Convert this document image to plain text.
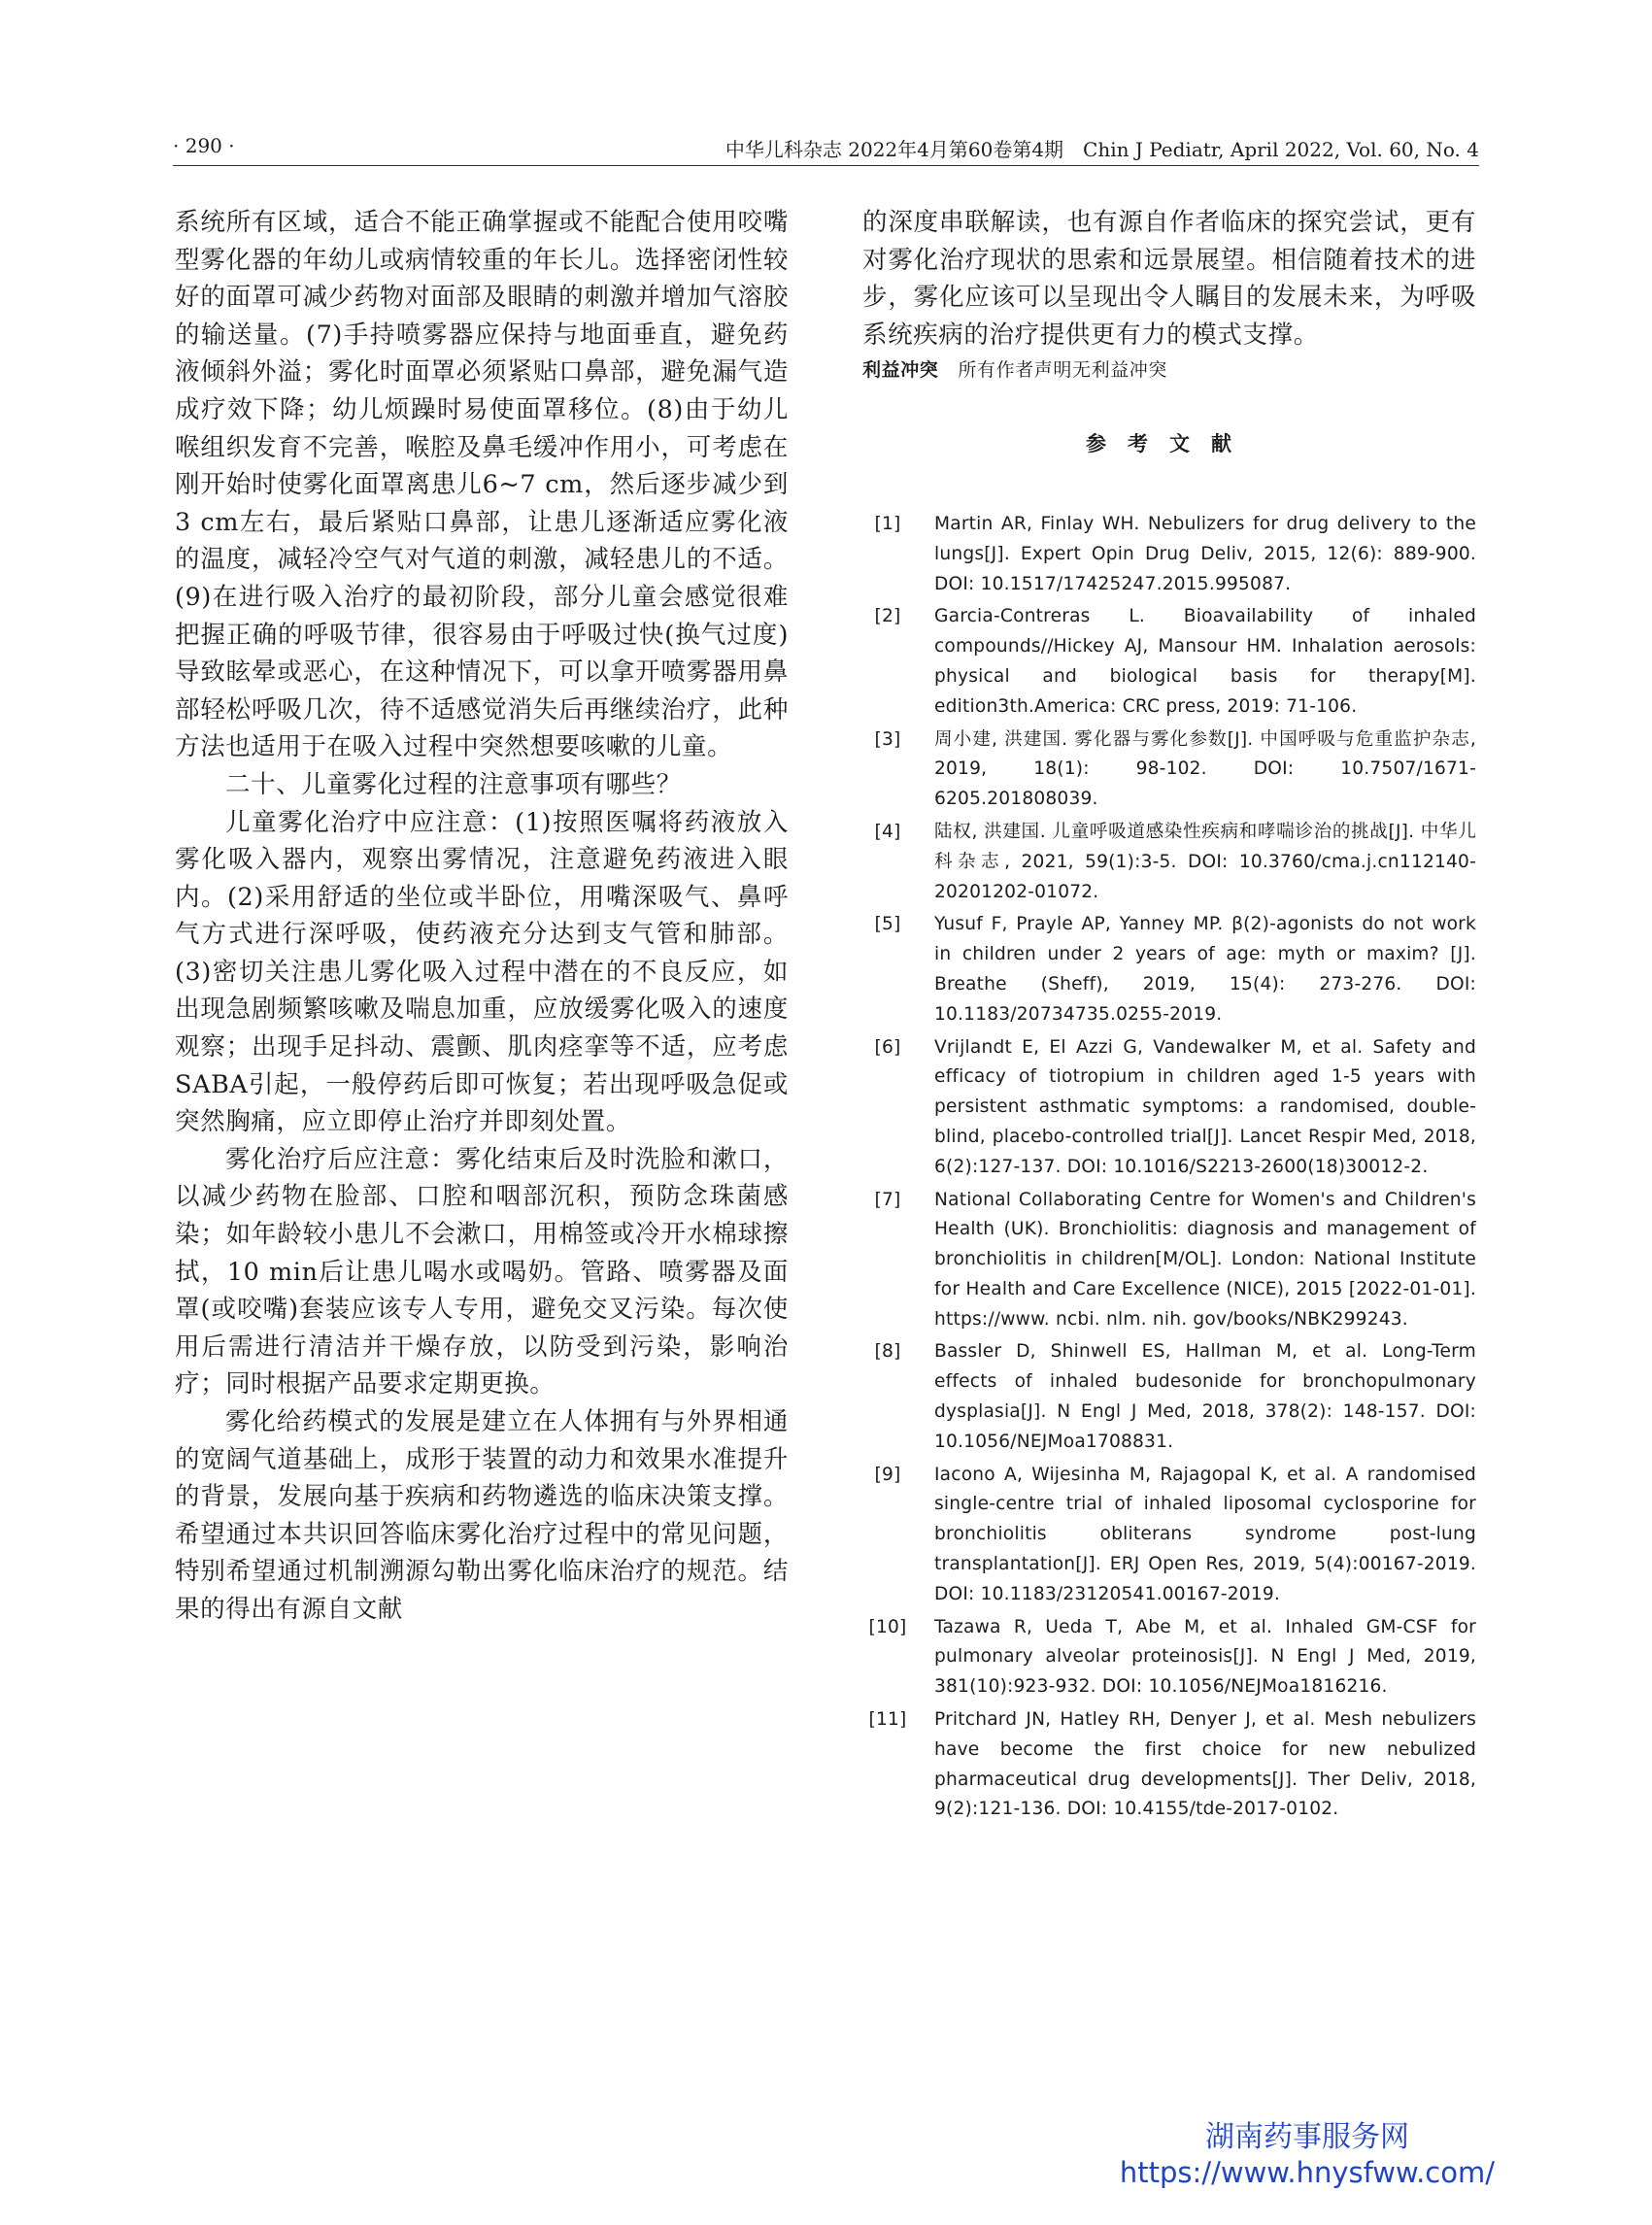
· 290 ·	中华儿科杂志 2022年4月第60卷第4期　Chin J Pediatr, April 2022, Vol. 60, No. 4

系统所有区域，适合不能正确掌握或不能配合使用咬嘴型雾化器的年幼儿或病情较重的年长儿。选择密闭性较好的面罩可减少药物对面部及眼睛的刺激并增加气溶胶的输送量。(7)手持喷雾器应保持与地面垂直，避免药液倾斜外溢；雾化时面罩必须紧贴口鼻部，避免漏气造成疗效下降；幼儿烦躁时易使面罩移位。(8)由于幼儿喉组织发育不完善，喉腔及鼻毛缓冲作用小，可考虑在刚开始时使雾化面罩离患儿6~7 cm，然后逐步减少到3 cm左右，最后紧贴口鼻部，让患儿逐渐适应雾化液的温度，减轻冷空气对气道的刺激，减轻患儿的不适。(9)在进行吸入治疗的最初阶段，部分儿童会感觉很难把握正确的呼吸节律，很容易由于呼吸过快(换气过度)导致眩晕或恶心，在这种情况下，可以拿开喷雾器用鼻部轻松呼吸几次，待不适感觉消失后再继续治疗，此种方法也适用于在吸入过程中突然想要咳嗽的儿童。

二十、儿童雾化过程的注意事项有哪些？

儿童雾化治疗中应注意：(1)按照医嘱将药液放入雾化吸入器内，观察出雾情况，注意避免药液进入眼内。(2)采用舒适的坐位或半卧位，用嘴深吸气、鼻呼气方式进行深呼吸，使药液充分达到支气管和肺部。(3)密切关注患儿雾化吸入过程中潜在的不良反应，如出现急剧频繁咳嗽及喘息加重，应放缓雾化吸入的速度观察；出现手足抖动、震颤、肌肉痉挛等不适，应考虑SABA引起，一般停药后即可恢复；若出现呼吸急促或突然胸痛，应立即停止治疗并即刻处置。

雾化治疗后应注意：雾化结束后及时洗脸和漱口，以减少药物在脸部、口腔和咽部沉积，预防念珠菌感染；如年龄较小患儿不会漱口，用棉签或冷开水棉球擦拭，10 min后让患儿喝水或喝奶。管路、喷雾器及面罩(或咬嘴)套装应该专人专用，避免交叉污染。每次使用后需进行清洁并干燥存放，以防受到污染，影响治疗；同时根据产品要求定期更换。

雾化给药模式的发展是建立在人体拥有与外界相通的宽阔气道基础上，成形于装置的动力和效果水准提升的背景，发展向基于疾病和药物遴选的临床决策支撑。希望通过本共识回答临床雾化治疗过程中的常见问题，特别希望通过机制溯源勾勒出雾化临床治疗的规范。结果的得出有源自文献

的深度串联解读，也有源自作者临床的探究尝试，更有对雾化治疗现状的思索和远景展望。相信随着技术的进步，雾化应该可以呈现出令人瞩目的发展未来，为呼吸系统疾病的治疗提供更有力的模式支撑。

利益冲突 所有作者声明无利益冲突

参考文献

[1]	Martin AR, Finlay WH. Nebulizers for drug delivery to the lungs[J]. Expert Opin Drug Deliv, 2015, 12(6): 889-900. DOI: 10.1517/17425247.2015.995087.
[2]	Garcia-Contreras L. Bioavailability of inhaled compounds//Hickey AJ, Mansour HM. Inhalation aerosols: physical and biological basis for therapy[M]. edition3th.America: CRC press, 2019: 71-106.
[3]	周小建, 洪建国. 雾化器与雾化参数[J]. 中国呼吸与危重监护杂志, 2019, 18(1): 98-102. DOI: 10.7507/1671-6205.201808039.
[4]	陆权, 洪建国. 儿童呼吸道感染性疾病和哮喘诊治的挑战[J]. 中华儿科杂志, 2021, 59(1):3-5. DOI: 10.3760/cma.j.cn112140-20201202-01072.
[5]	Yusuf F, Prayle AP, Yanney MP. β(2)-agonists do not work in children under 2 years of age: myth or maxim? [J]. Breathe (Sheff), 2019, 15(4): 273-276. DOI: 10.1183/20734735.0255-2019.
[6]	Vrijlandt E, El Azzi G, Vandewalker M, et al. Safety and efficacy of tiotropium in children aged 1-5 years with persistent asthmatic symptoms: a randomised, double-blind, placebo-controlled trial[J]. Lancet Respir Med, 2018, 6(2):127-137. DOI: 10.1016/S2213-2600(18)30012-2.
[7]	National Collaborating Centre for Women's and Children's Health (UK). Bronchiolitis: diagnosis and management of bronchiolitis in children[M/OL]. London: National Institute for Health and Care Excellence (NICE), 2015 [2022-01-01]. https://www. ncbi. nlm. nih. gov/books/NBK299243.
[8]	Bassler D, Shinwell ES, Hallman M, et al. Long-Term effects of inhaled budesonide for bronchopulmonary dysplasia[J]. N Engl J Med, 2018, 378(2): 148-157. DOI: 10.1056/NEJMoa1708831.
[9]	Iacono A, Wijesinha M, Rajagopal K, et al. A randomised single-centre trial of inhaled liposomal cyclosporine for bronchiolitis obliterans syndrome post-lung transplantation[J]. ERJ Open Res, 2019, 5(4):00167-2019. DOI: 10.1183/23120541.00167-2019.
[10]	Tazawa R, Ueda T, Abe M, et al. Inhaled GM-CSF for pulmonary alveolar proteinosis[J]. N Engl J Med, 2019, 381(10):923-932. DOI: 10.1056/NEJMoa1816216.
[11]	Pritchard JN, Hatley RH, Denyer J, et al. Mesh nebulizers have become the first choice for new nebulized pharmaceutical drug developments[J]. Ther Deliv, 2018, 9(2):121-136. DOI: 10.4155/tde-2017-0102.
湖南药事服务网
https://www.hnysfww.com/
